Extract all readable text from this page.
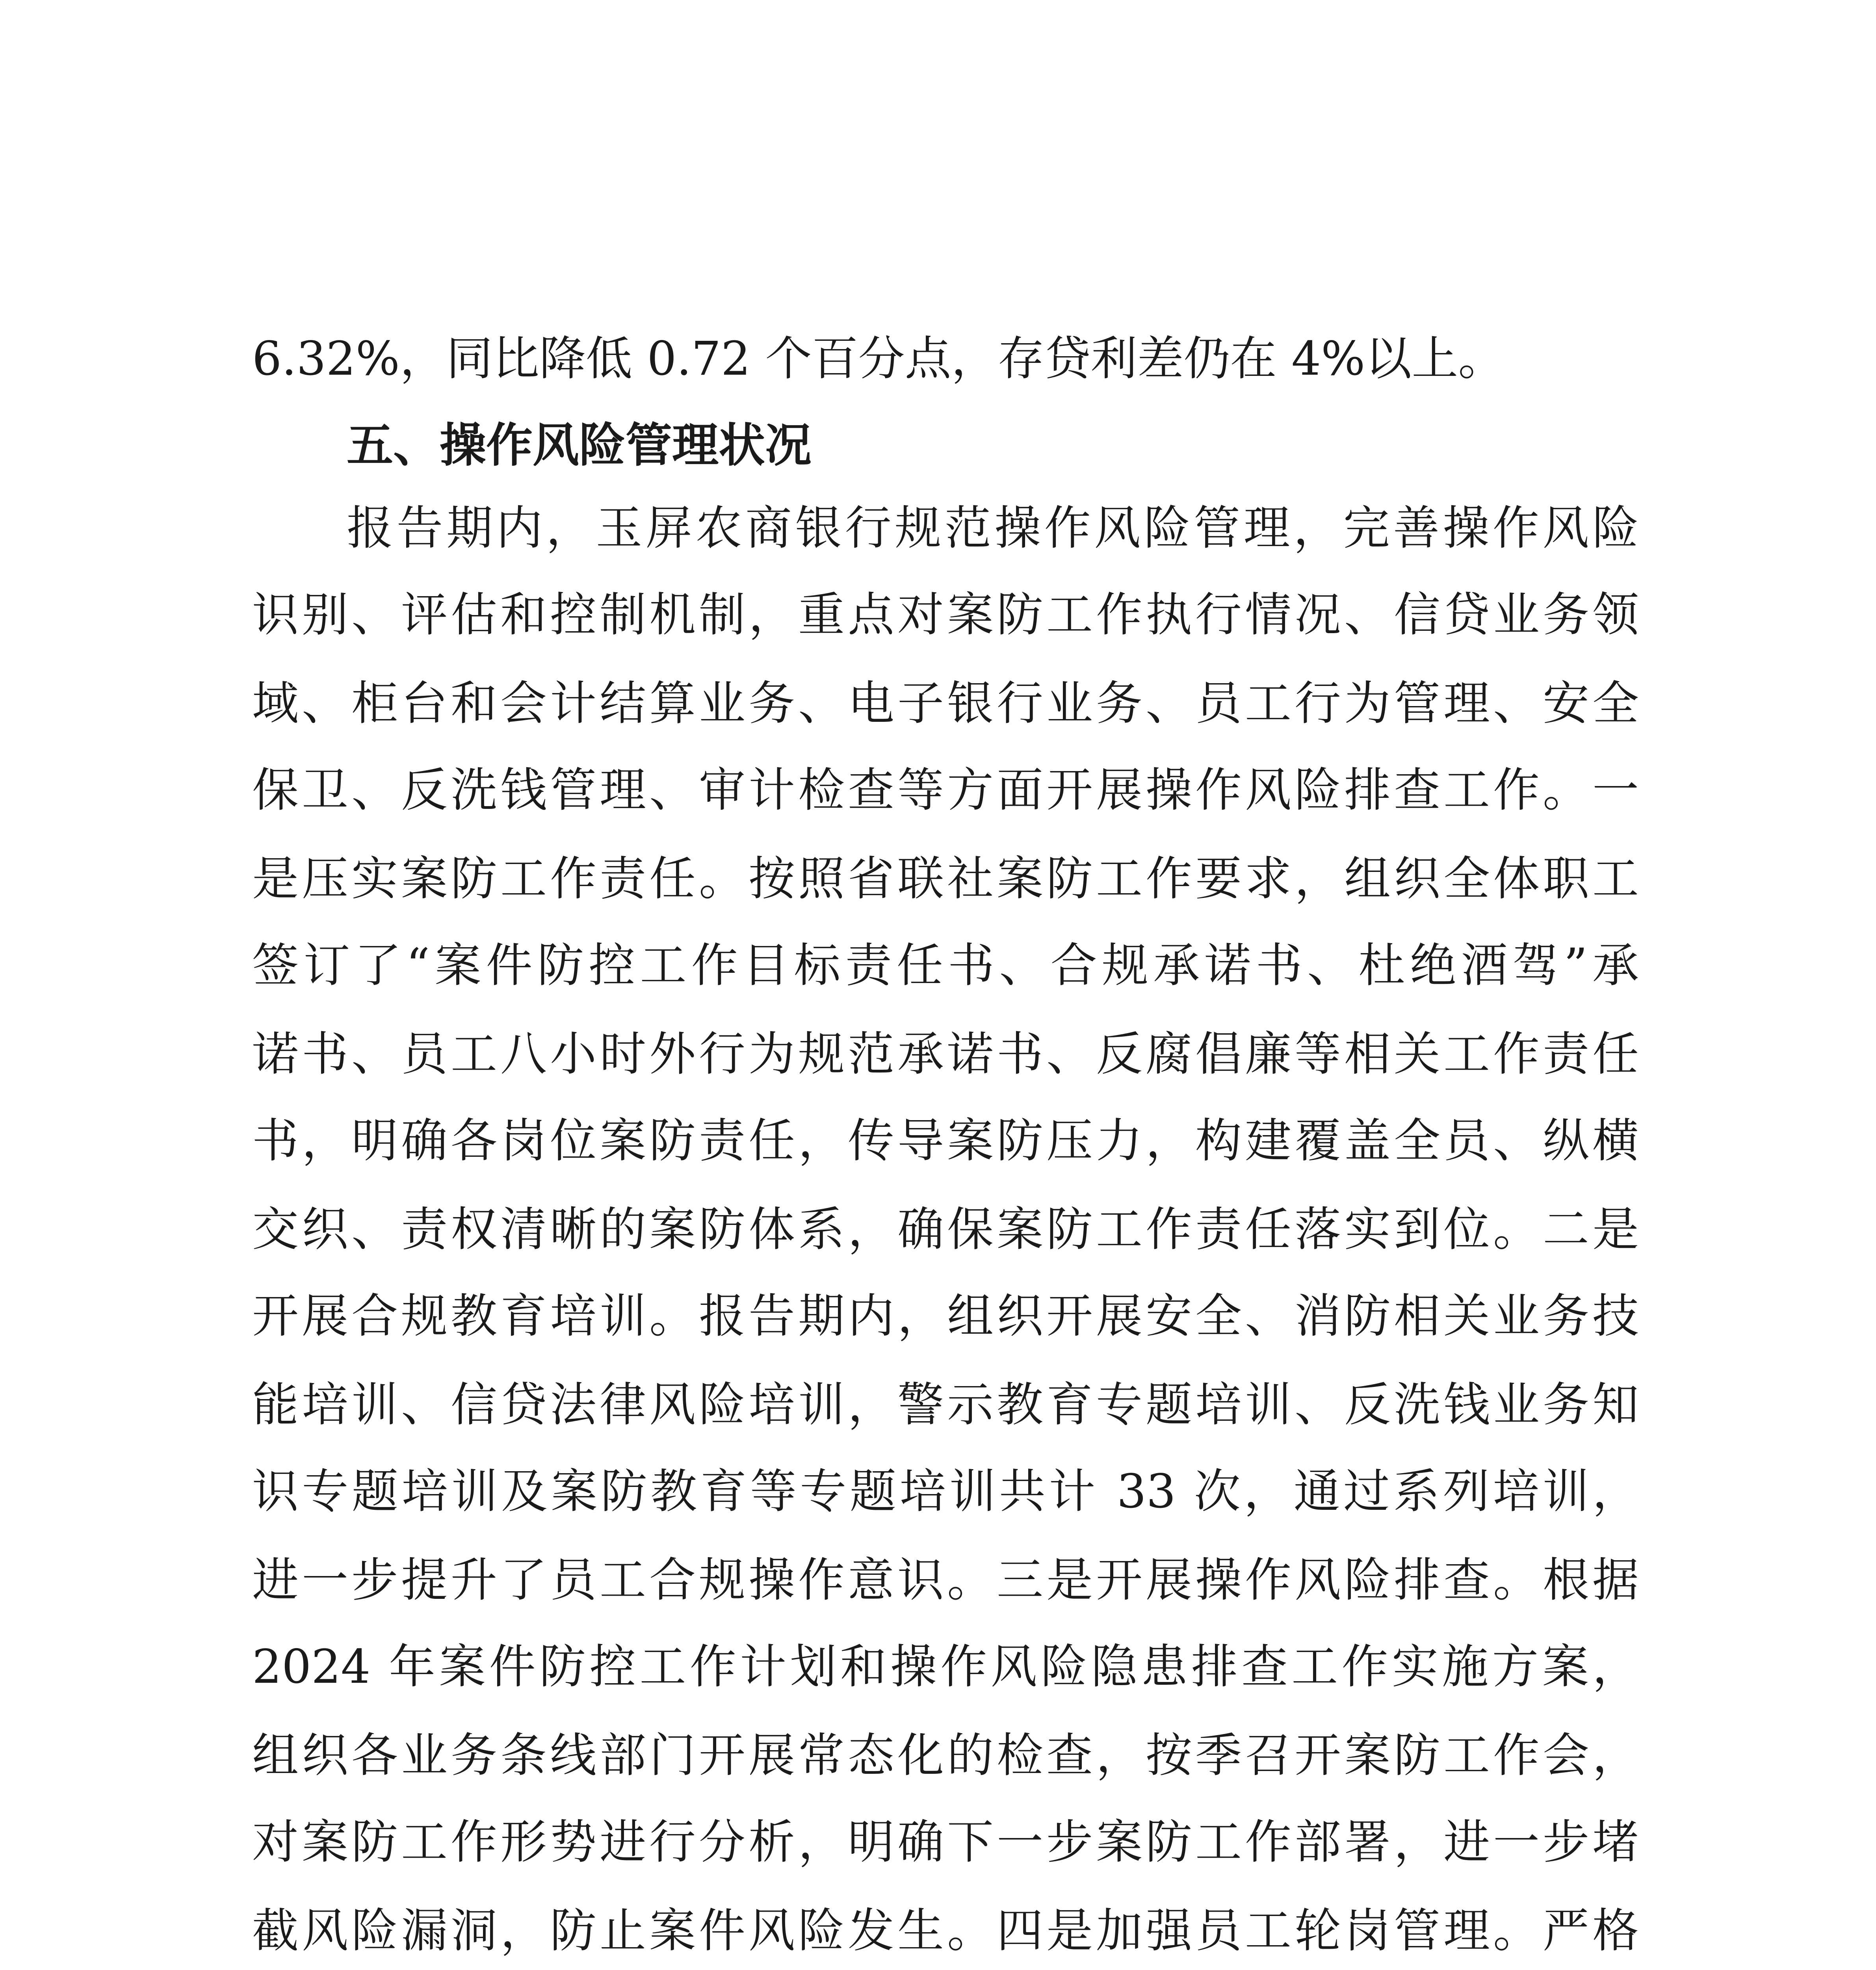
6.32%，同比降低 0.72 个百分点，存贷利差仍在 4%以上。
五、操作风险管理状况
报告期内，玉屏农商银行规范操作风险管理，完善操作风险
识别、评估和控制机制，重点对案防工作执行情况、信贷业务领
域、柜台和会计结算业务、电子银行业务、员工行为管理、安全
保卫、反洗钱管理、审计检查等方面开展操作风险排查工作。一
是压实案防工作责任。按照省联社案防工作要求，组织全体职工
签订了“案件防控工作目标责任书、合规承诺书、杜绝酒驾”承
诺书、员工八小时外行为规范承诺书、反腐倡廉等相关工作责任
书，明确各岗位案防责任，传导案防压力，构建覆盖全员、纵横
交织、责权清晰的案防体系，确保案防工作责任落实到位。二是
开展合规教育培训。报告期内，组织开展安全、消防相关业务技
能培训、信贷法律风险培训，警示教育专题培训、反洗钱业务知
识专题培训及案防教育等专题培训共计 33 次，通过系列培训，
进一步提升了员工合规操作意识。三是开展操作风险排查。根据
2024 年案件防控工作计划和操作风险隐患排查工作实施方案，
组织各业务条线部门开展常态化的检查，按季召开案防工作会，
对案防工作形势进行分析，明确下一步案防工作部署，进一步堵
截风险漏洞，防止案件风险发生。四是加强员工轮岗管理。严格
